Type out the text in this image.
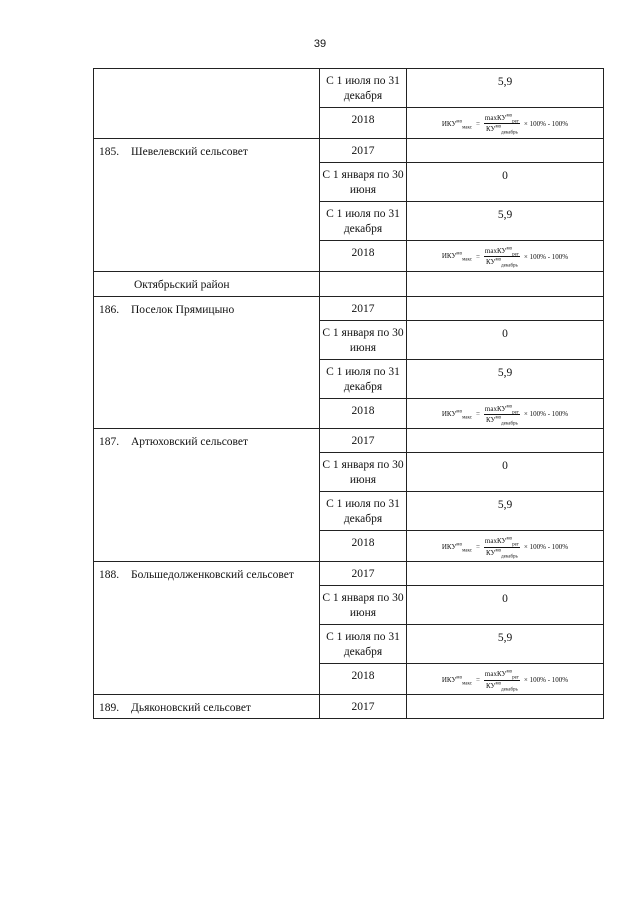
39
	С 1 июля по 31 декабря	5,9
	2018	$ИКУ^{мо}_{макс} = \frac{\max КУ^{мо}_{рег}}{КУ^{мо}_{декабрь}} \times 100\% - 100\%$

185. Шевелевский сельсовет	2017	
	С 1 января по 30 июня	0
	С 1 июля по 31 декабря	5,9
	2018	$ИКУ^{мо}_{макс} = \frac{\max КУ^{мо}_{рег}}{КУ^{мо}_{декабрь}} \times 100\% - 100\%$

Октябрьский район		
186. Поселок Прямицыно	2017	
	С 1 января по 30 июня	0
	С 1 июля по 31 декабря	5,9
	2018	$ИКУ^{мо}_{макс} = \frac{\max КУ^{мо}_{рег}}{КУ^{мо}_{декабрь}} \times 100\% - 100\%$

187. Артюховский сельсовет	2017	
	С 1 января по 30 июня	0
	С 1 июля по 31 декабря	5,9
	2018	$ИКУ^{мо}_{макс} = \frac{\max КУ^{мо}_{рег}}{КУ^{мо}_{декабрь}} \times 100\% - 100\%$

188. Большедолженковский сельсовет	2017	
	С 1 января по 30 июня	0
	С 1 июля по 31 декабря	5,9
	2018	$ИКУ^{мо}_{макс} = \frac{\max КУ^{мо}_{рег}}{КУ^{мо}_{декабрь}} \times 100\% - 100\%$

189. Дьяконовский сельсовет	2017	
